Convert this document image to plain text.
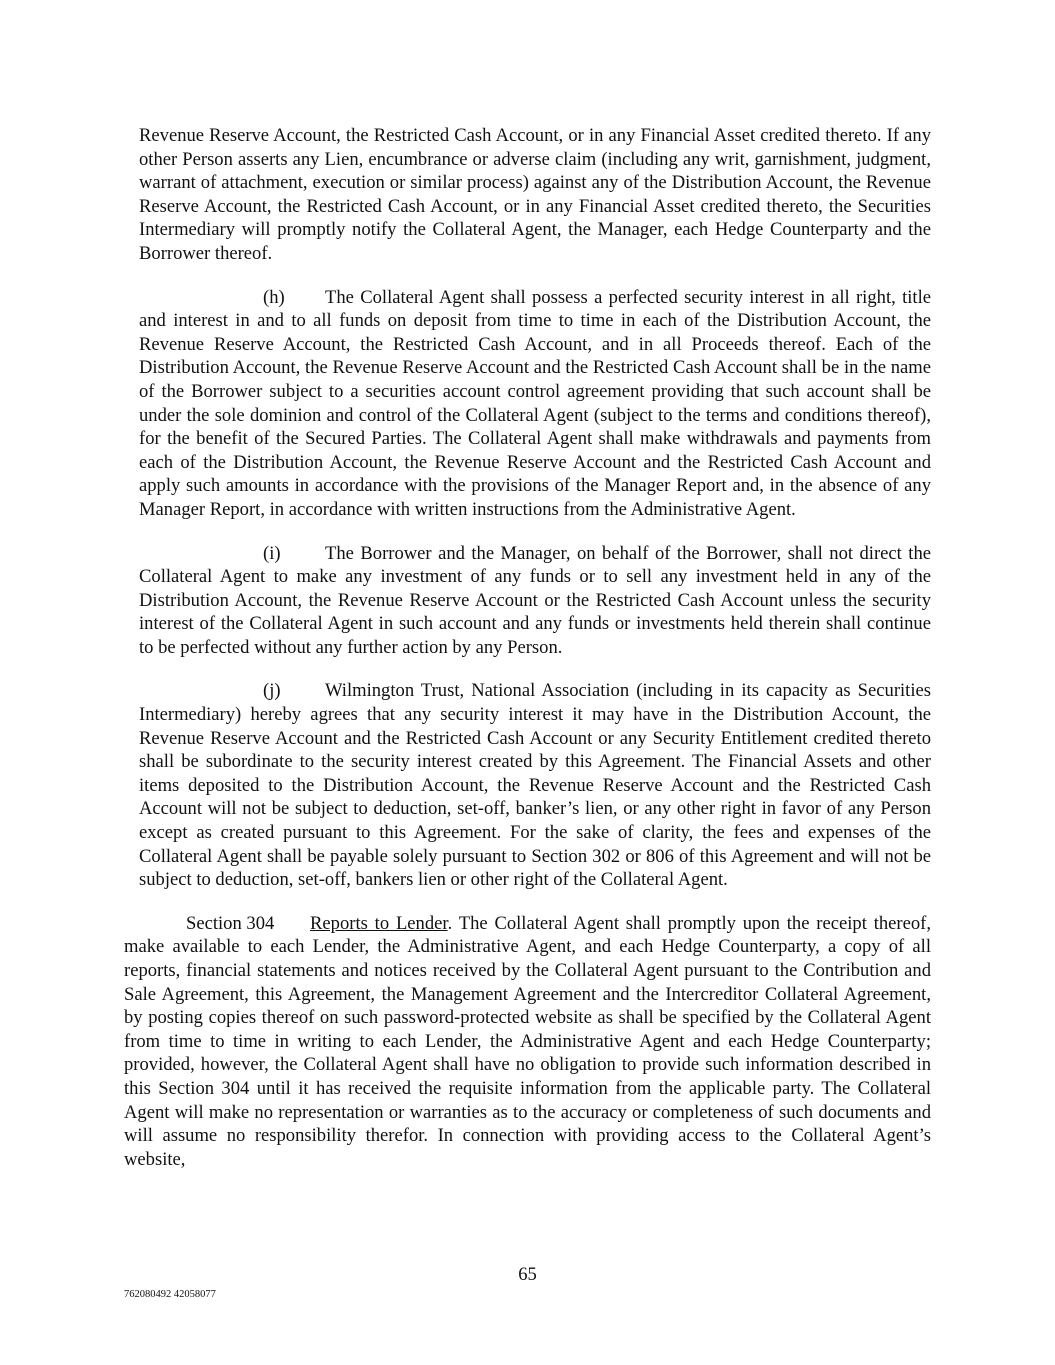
Revenue Reserve Account, the Restricted Cash Account, or in any Financial Asset credited thereto. If any other Person asserts any Lien, encumbrance or adverse claim (including any writ, garnishment, judgment, warrant of attachment, execution or similar process) against any of the Distribution Account, the Revenue Reserve Account, the Restricted Cash Account, or in any Financial Asset credited thereto, the Securities Intermediary will promptly notify the Collateral Agent, the Manager, each Hedge Counterparty and the Borrower thereof.

(h) The Collateral Agent shall possess a perfected security interest in all right, title and interest in and to all funds on deposit from time to time in each of the Distribution Account, the Revenue Reserve Account, the Restricted Cash Account, and in all Proceeds thereof. Each of the Distribution Account, the Revenue Reserve Account and the Restricted Cash Account shall be in the name of the Borrower subject to a securities account control agreement providing that such account shall be under the sole dominion and control of the Collateral Agent (subject to the terms and conditions thereof), for the benefit of the Secured Parties. The Collateral Agent shall make withdrawals and payments from each of the Distribution Account, the Revenue Reserve Account and the Restricted Cash Account and apply such amounts in accordance with the provisions of the Manager Report and, in the absence of any Manager Report, in accordance with written instructions from the Administrative Agent.

(i) The Borrower and the Manager, on behalf of the Borrower, shall not direct the Collateral Agent to make any investment of any funds or to sell any investment held in any of the Distribution Account, the Revenue Reserve Account or the Restricted Cash Account unless the security interest of the Collateral Agent in such account and any funds or investments held therein shall continue to be perfected without any further action by any Person.

(j) Wilmington Trust, National Association (including in its capacity as Securities Intermediary) hereby agrees that any security interest it may have in the Distribution Account, the Revenue Reserve Account and the Restricted Cash Account or any Security Entitlement credited thereto shall be subordinate to the security interest created by this Agreement. The Financial Assets and other items deposited to the Distribution Account, the Revenue Reserve Account and the Restricted Cash Account will not be subject to deduction, set-off, banker’s lien, or any other right in favor of any Person except as created pursuant to this Agreement. For the sake of clarity, the fees and expenses of the Collateral Agent shall be payable solely pursuant to Section 302 or 806 of this Agreement and will not be subject to deduction, set-off, bankers lien or other right of the Collateral Agent.

Section 304 Reports to Lender. The Collateral Agent shall promptly upon the receipt thereof, make available to each Lender, the Administrative Agent, and each Hedge Counterparty, a copy of all reports, financial statements and notices received by the Collateral Agent pursuant to the Contribution and Sale Agreement, this Agreement, the Management Agreement and the Intercreditor Collateral Agreement, by posting copies thereof on such password-protected website as shall be specified by the Collateral Agent from time to time in writing to each Lender, the Administrative Agent and each Hedge Counterparty; provided, however, the Collateral Agent shall have no obligation to provide such information described in this Section 304 until it has received the requisite information from the applicable party. The Collateral Agent will make no representation or warranties as to the accuracy or completeness of such documents and will assume no responsibility therefor. In connection with providing access to the Collateral Agent’s website,

65
762080492 42058077
